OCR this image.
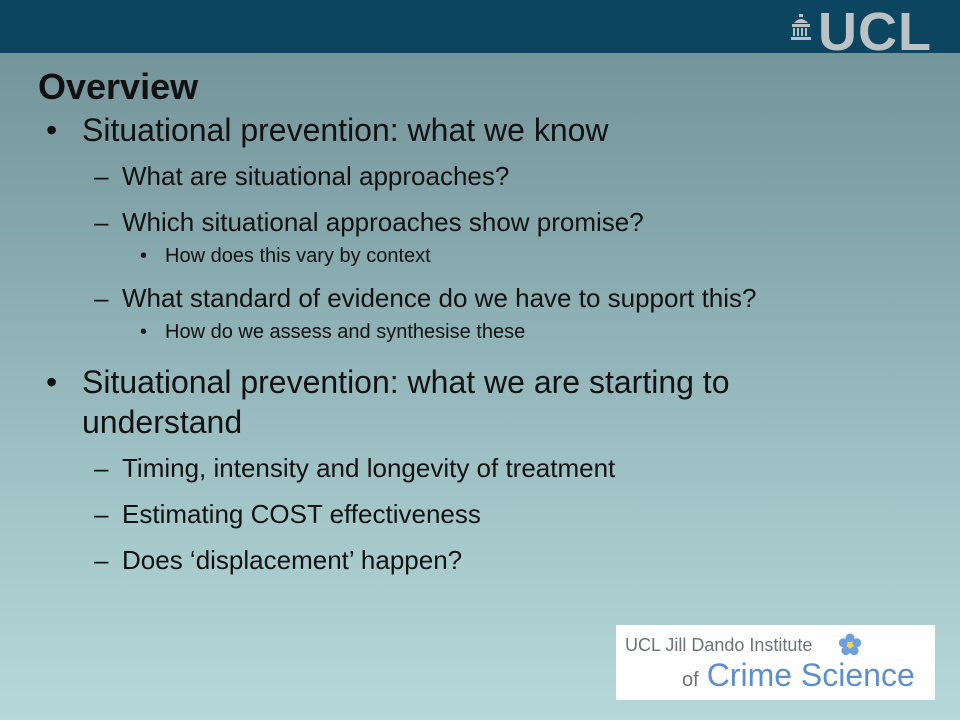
UCL
Overview
• Situational prevention: what we know
– What are situational approaches?
– Which situational approaches show promise?
• How does this vary by context
– What standard of evidence do we have to support this?
• How do we assess and synthesise these
• Situational prevention: what we are starting to
understand
– Timing, intensity and longevity of treatment
– Estimating COST effectiveness
– Does ‘displacement’ happen?
UCL Jill Dando Institute
of Crime Science
